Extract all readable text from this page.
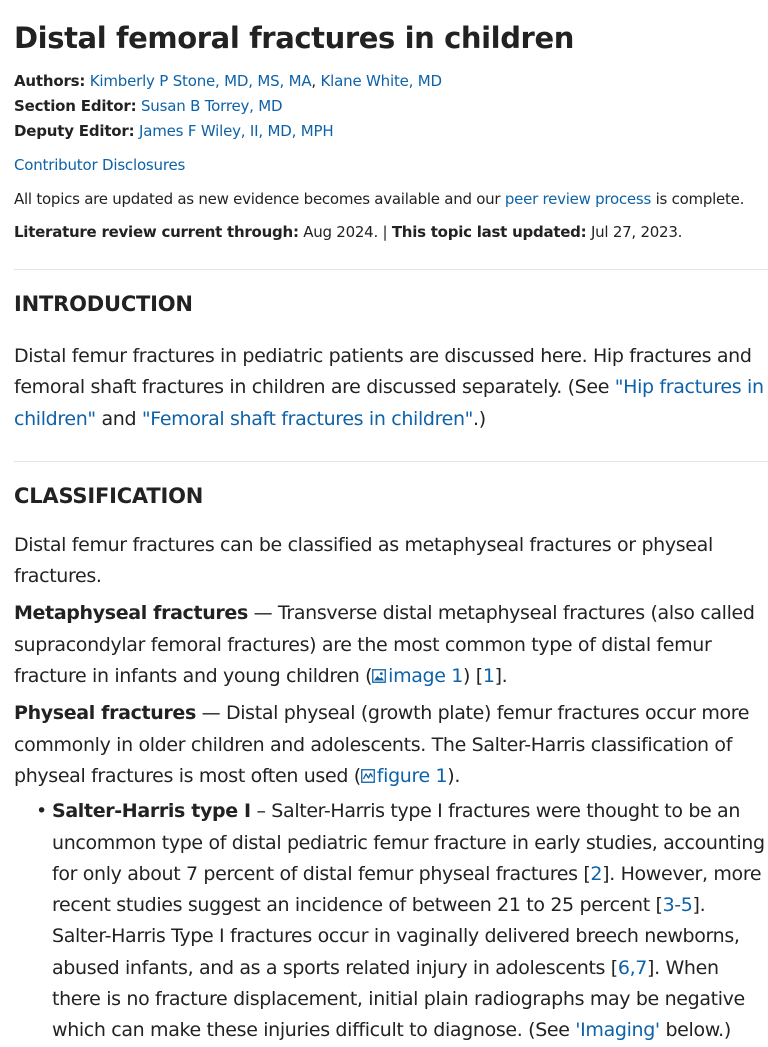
Distal femoral fractures in children
Authors: Kimberly P Stone, MD, MS, MA, Klane White, MD
Section Editor: Susan B Torrey, MD
Deputy Editor: James F Wiley, II, MD, MPH
Contributor Disclosures
All topics are updated as new evidence becomes available and our peer review process is complete.
Literature review current through: Aug 2024. | This topic last updated: Jul 27, 2023.
INTRODUCTION

Distal femur fractures in pediatric patients are discussed here. Hip fractures and femoral shaft fractures in children are discussed separately. (See "Hip fractures in children" and "Femoral shaft fractures in children".)

CLASSIFICATION

Distal femur fractures can be classified as metaphyseal fractures or physeal fractures.

Metaphyseal fractures — Transverse distal metaphyseal fractures (also called supracondylar femoral fractures) are the most common type of distal femur fracture in infants and young children ( image 1) [1].

Physeal fractures — Distal physeal (growth plate) femur fractures occur more commonly in older children and adolescents. The Salter-Harris classification of physeal fractures is most often used ( figure 1).

• Salter-Harris type I – Salter-Harris type I fractures were thought to be an uncommon type of distal pediatric femur fracture in early studies, accounting for only about 7 percent of distal femur physeal fractures [2]. However, more recent studies suggest an incidence of between 21 to 25 percent [3-5]. Salter-Harris Type I fractures occur in vaginally delivered breech newborns, abused infants, and as a sports related injury in adolescents [6,7]. When there is no fracture displacement, initial plain radiographs may be negative which can make these injuries difficult to diagnose. (See 'Imaging' below.)
